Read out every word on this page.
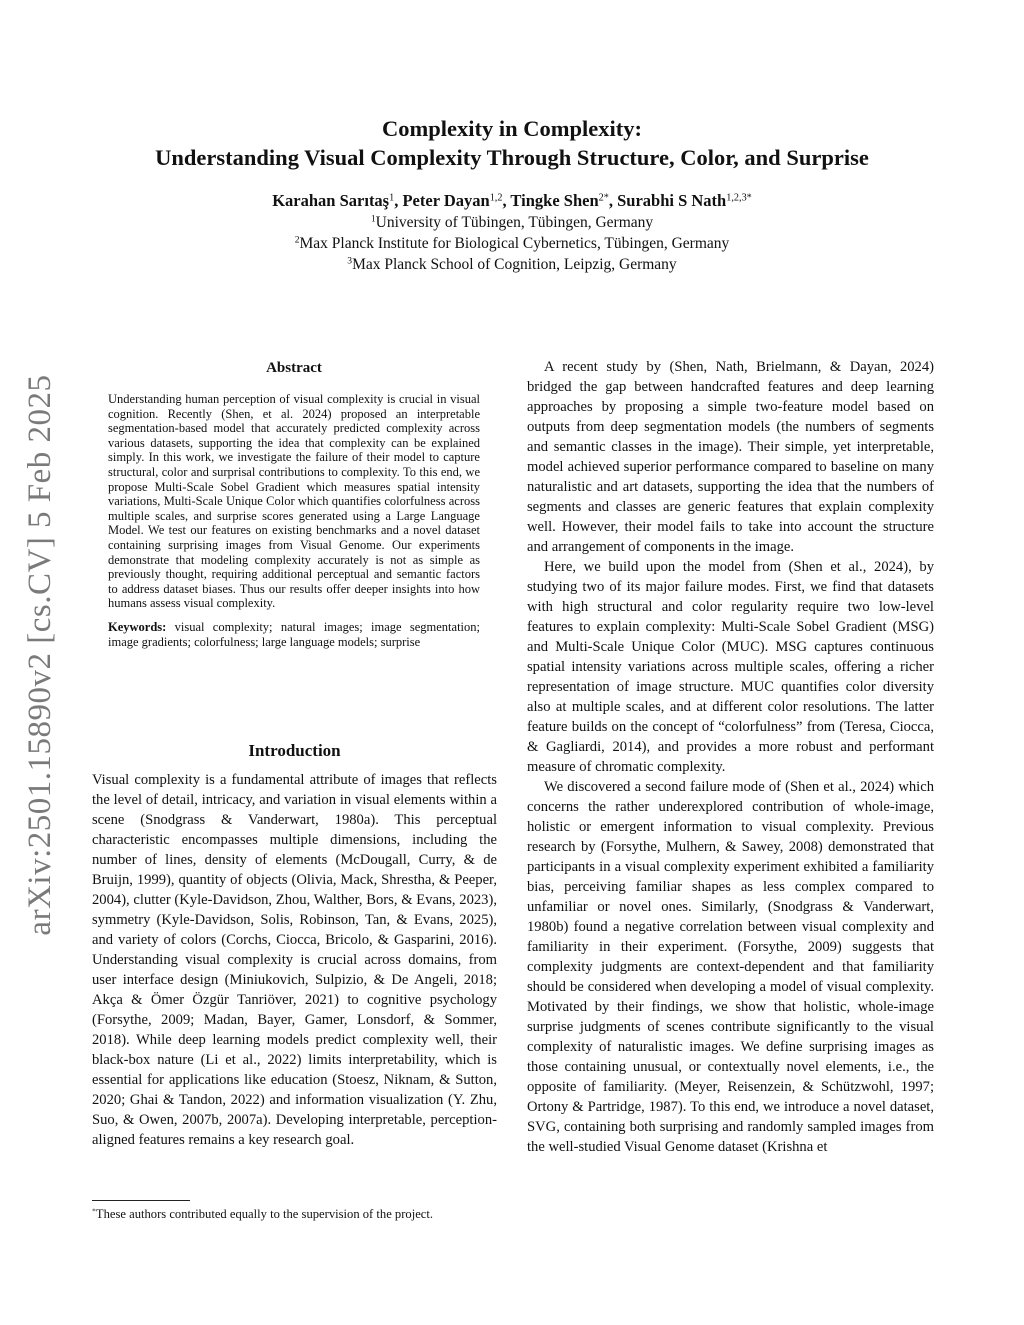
arXiv:2501.15890v2 [cs.CV] 5 Feb 2025
Complexity in Complexity:
Understanding Visual Complexity Through Structure, Color, and Surprise
Karahan Sarıtaş$^1$, Peter Dayan$^{1,2}$, Tingke Shen$^{2*}$, Surabhi S Nath$^{1,2,3*}$
$^1$University of Tübingen, Tübingen, Germany
$^2$Max Planck Institute for Biological Cybernetics, Tübingen, Germany
$^3$Max Planck School of Cognition, Leipzig, Germany
Abstract
Understanding human perception of visual complexity is crucial in visual cognition. Recently (Shen, et al. 2024) proposed an interpretable segmentation-based model that accurately predicted complexity across various datasets, supporting the idea that complexity can be explained simply. In this work, we investigate the failure of their model to capture structural, color and surprisal contributions to complexity. To this end, we propose Multi-Scale Sobel Gradient which measures spatial intensity variations, Multi-Scale Unique Color which quantifies colorfulness across multiple scales, and surprise scores generated using a Large Language Model. We test our features on existing benchmarks and a novel dataset containing surprising images from Visual Genome. Our experiments demonstrate that modeling complexity accurately is not as simple as previously thought, requiring additional perceptual and semantic factors to address dataset biases. Thus our results offer deeper insights into how humans assess visual complexity.
Keywords: visual complexity; natural images; image segmentation; image gradients; colorfulness; large language models; surprise
Introduction
Visual complexity is a fundamental attribute of images that reflects the level of detail, intricacy, and variation in visual elements within a scene (Snodgrass & Vanderwart, 1980a). This perceptual characteristic encompasses multiple dimensions, including the number of lines, density of elements (McDougall, Curry, & de Bruijn, 1999), quantity of objects (Olivia, Mack, Shrestha, & Peeper, 2004), clutter (Kyle-Davidson, Zhou, Walther, Bors, & Evans, 2023), symmetry (Kyle-Davidson, Solis, Robinson, Tan, & Evans, 2025), and variety of colors (Corchs, Ciocca, Bricolo, & Gasparini, 2016). Understanding visual complexity is crucial across domains, from user interface design (Miniukovich, Sulpizio, & De Angeli, 2018; Akça & Ömer Özgür Tanriöver, 2021) to cognitive psychology (Forsythe, 2009; Madan, Bayer, Gamer, Lonsdorf, & Sommer, 2018). While deep learning models predict complexity well, their black-box nature (Li et al., 2022) limits interpretability, which is essential for applications like education (Stoesz, Niknam, & Sutton, 2020; Ghai & Tandon, 2022) and information visualization (Y. Zhu, Suo, & Owen, 2007b, 2007a). Developing interpretable, perception-aligned features remains a key research goal.
*These authors contributed equally to the supervision of the project.

A recent study by (Shen, Nath, Brielmann, & Dayan, 2024) bridged the gap between handcrafted features and deep learning approaches by proposing a simple two-feature model based on outputs from deep segmentation models (the numbers of segments and semantic classes in the image). Their simple, yet interpretable, model achieved superior performance compared to baseline on many naturalistic and art datasets, supporting the idea that the numbers of segments and classes are generic features that explain complexity well. However, their model fails to take into account the structure and arrangement of components in the image.

Here, we build upon the model from (Shen et al., 2024), by studying two of its major failure modes. First, we find that datasets with high structural and color regularity require two low-level features to explain complexity: Multi-Scale Sobel Gradient (MSG) and Multi-Scale Unique Color (MUC). MSG captures continuous spatial intensity variations across multiple scales, offering a richer representation of image structure. MUC quantifies color diversity also at multiple scales, and at different color resolutions. The latter feature builds on the concept of “colorfulness” from (Teresa, Ciocca, & Gagliardi, 2014), and provides a more robust and performant measure of chromatic complexity.

We discovered a second failure mode of (Shen et al., 2024) which concerns the rather underexplored contribution of whole-image, holistic or emergent information to visual complexity. Previous research by (Forsythe, Mulhern, & Sawey, 2008) demonstrated that participants in a visual complexity experiment exhibited a familiarity bias, perceiving familiar shapes as less complex compared to unfamiliar or novel ones. Similarly, (Snodgrass & Vanderwart, 1980b) found a negative correlation between visual complexity and familiarity in their experiment. (Forsythe, 2009) suggests that complexity judgments are context-dependent and that familiarity should be considered when developing a model of visual complexity. Motivated by their findings, we show that holistic, whole-image surprise judgments of scenes contribute significantly to the visual complexity of naturalistic images. We define surprising images as those containing unusual, or contextually novel elements, i.e., the opposite of familiarity. (Meyer, Reisenzein, & Schützwohl, 1997; Ortony & Partridge, 1987). To this end, we introduce a novel dataset, SVG, containing both surprising and randomly sampled images from the well-studied Visual Genome dataset (Krishna et
